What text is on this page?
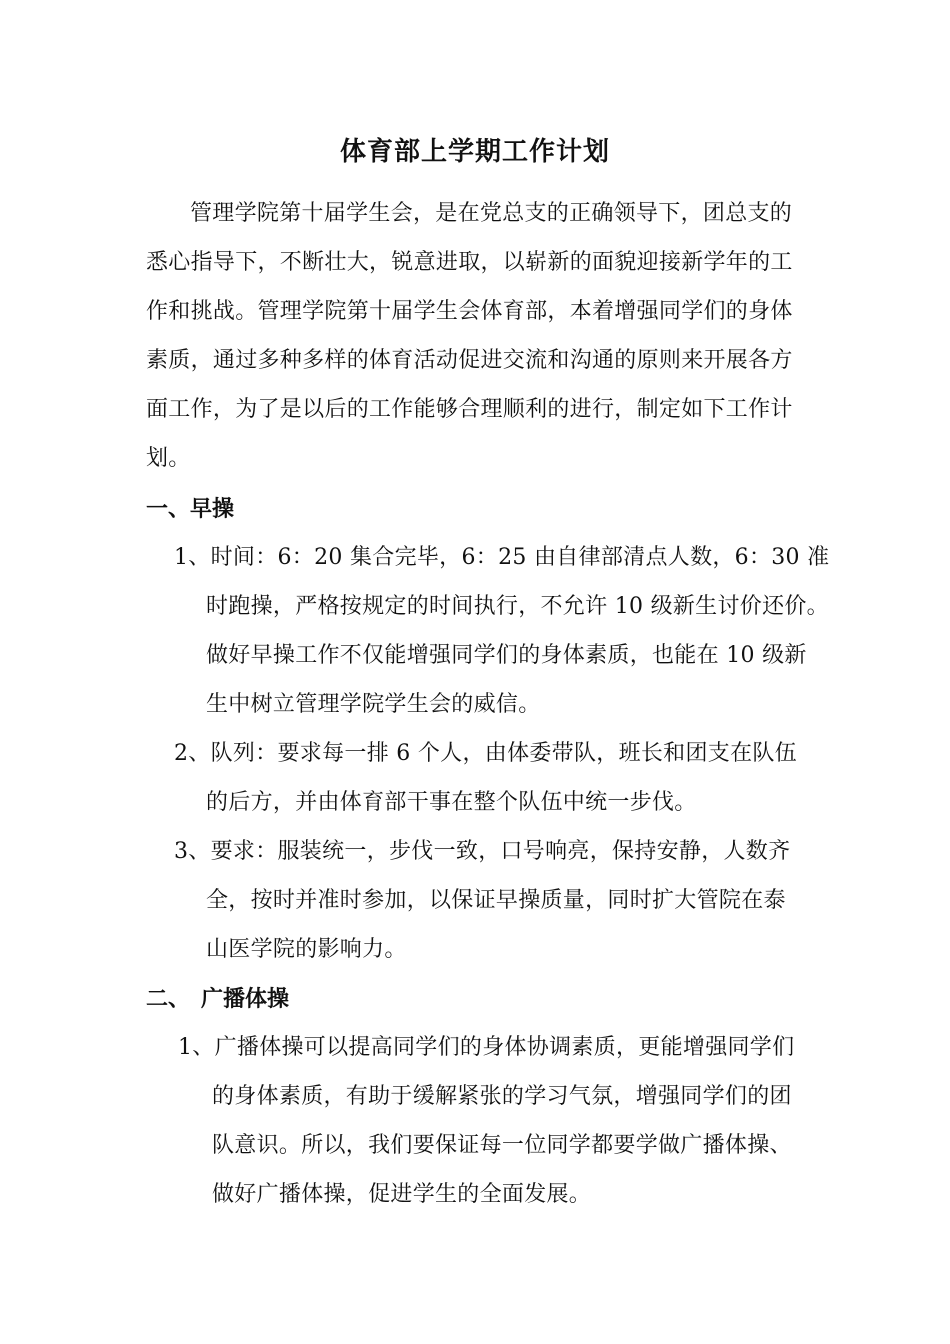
体育部上学期工作计划
管理学院第十届学生会，是在党总支的正确领导下，团总支的
悉心指导下，不断壮大，锐意进取，以崭新的面貌迎接新学年的工
作和挑战。管理学院第十届学生会体育部，本着增强同学们的身体
素质，通过多种多样的体育活动促进交流和沟通的原则来开展各方
面工作，为了是以后的工作能够合理顺利的进行，制定如下工作计
划。
一、早操
1、时间：6：20 集合完毕，6：25 由自律部清点人数，6：30 准
时跑操，严格按规定的时间执行，不允许 10 级新生讨价还价。
做好早操工作不仅能增强同学们的身体素质，也能在 10 级新
生中树立管理学院学生会的威信。
2、队列：要求每一排 6 个人，由体委带队，班长和团支在队伍
的后方，并由体育部干事在整个队伍中统一步伐。
3、要求：服装统一，步伐一致，口号响亮，保持安静，人数齐
全，按时并准时参加，以保证早操质量，同时扩大管院在泰
山医学院的影响力。
二、　广播体操
1、广播体操可以提高同学们的身体协调素质，更能增强同学们
的身体素质，有助于缓解紧张的学习气氛，增强同学们的团
队意识。所以，我们要保证每一位同学都要学做广播体操、
做好广播体操，促进学生的全面发展。
